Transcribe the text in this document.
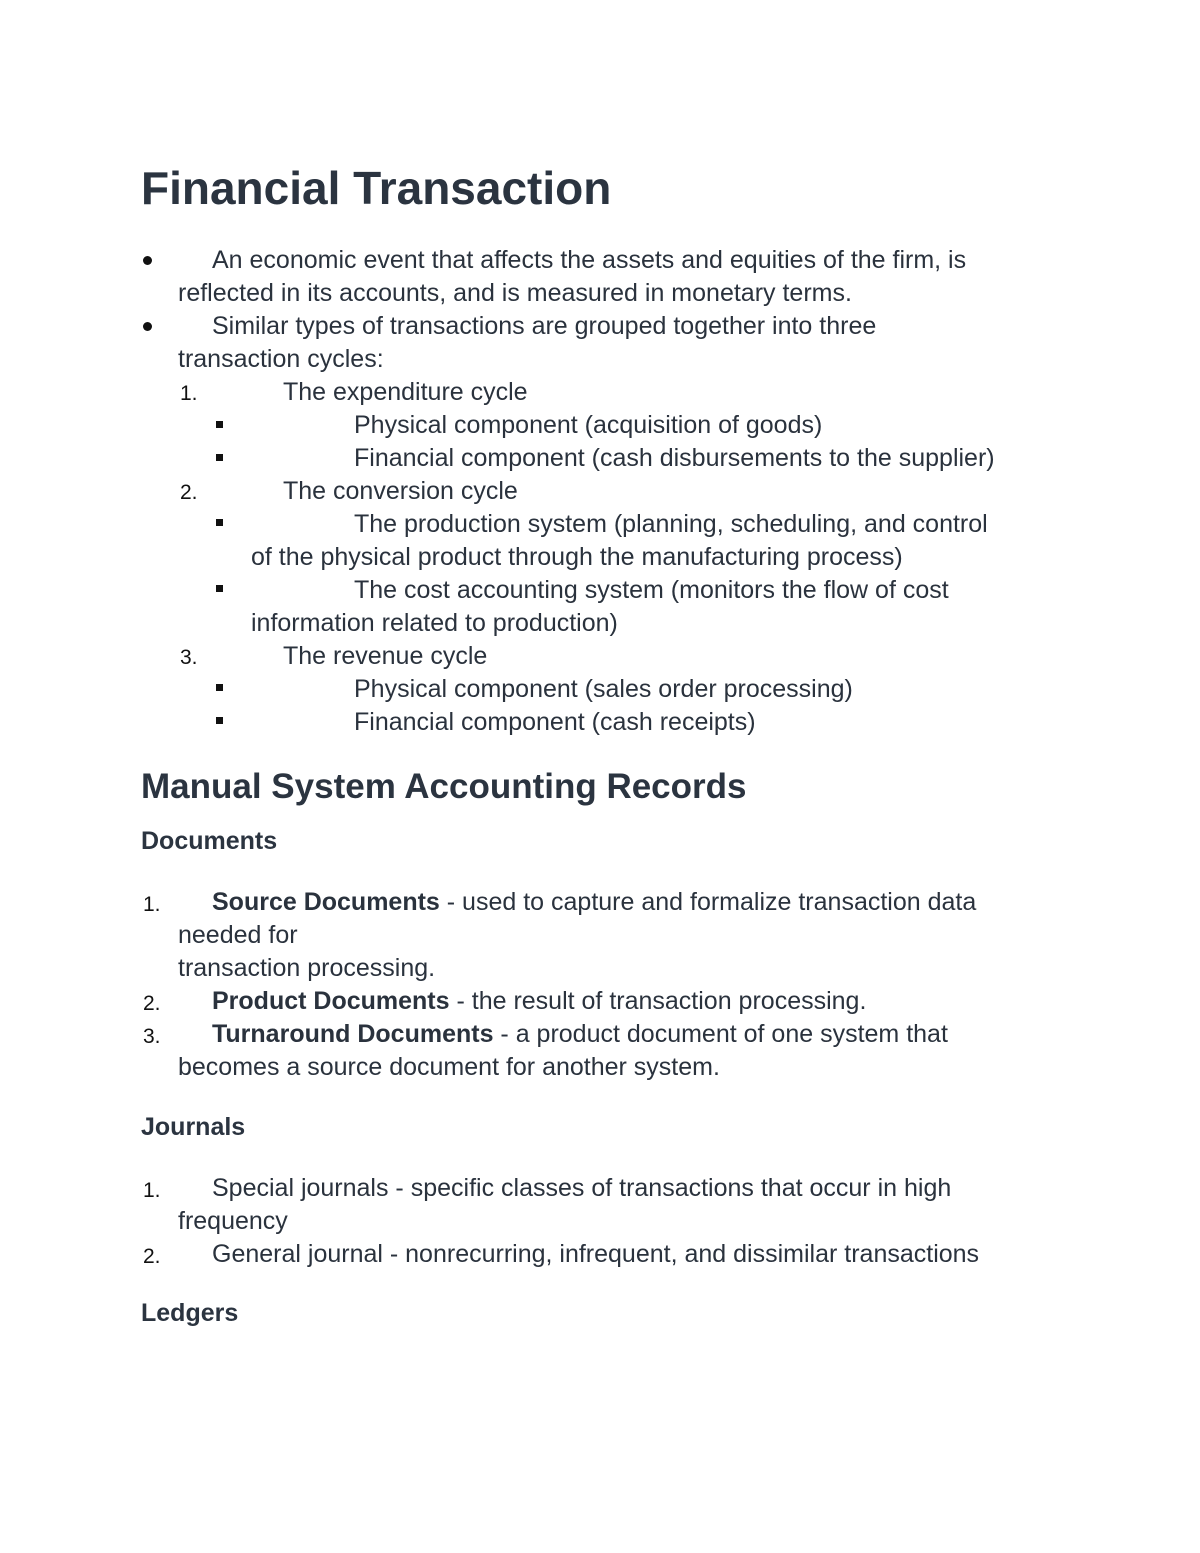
Financial Transaction
An economic event that affects the assets and equities of the firm, is
reflected in its accounts, and is measured in monetary terms.
Similar types of transactions are grouped together into three
transaction cycles:
1.	The expenditure cycle
Physical component (acquisition of goods)
Financial component (cash disbursements to the supplier)
2.	The conversion cycle
The production system (planning, scheduling, and control
of the physical product through the manufacturing process)
The cost accounting system (monitors the flow of cost
information related to production)
3.	The revenue cycle
Physical component (sales order processing)
Financial component (cash receipts)
Manual System Accounting Records
Documents
1. Source Documents - used to capture and formalize transaction data
needed for
transaction processing.
2. Product Documents - the result of transaction processing.
3. Turnaround Documents - a product document of one system that
becomes a source document for another system.
Journals
1. Special journals - specific classes of transactions that occur in high
frequency
2. General journal - nonrecurring, infrequent, and dissimilar transactions
Ledgers
